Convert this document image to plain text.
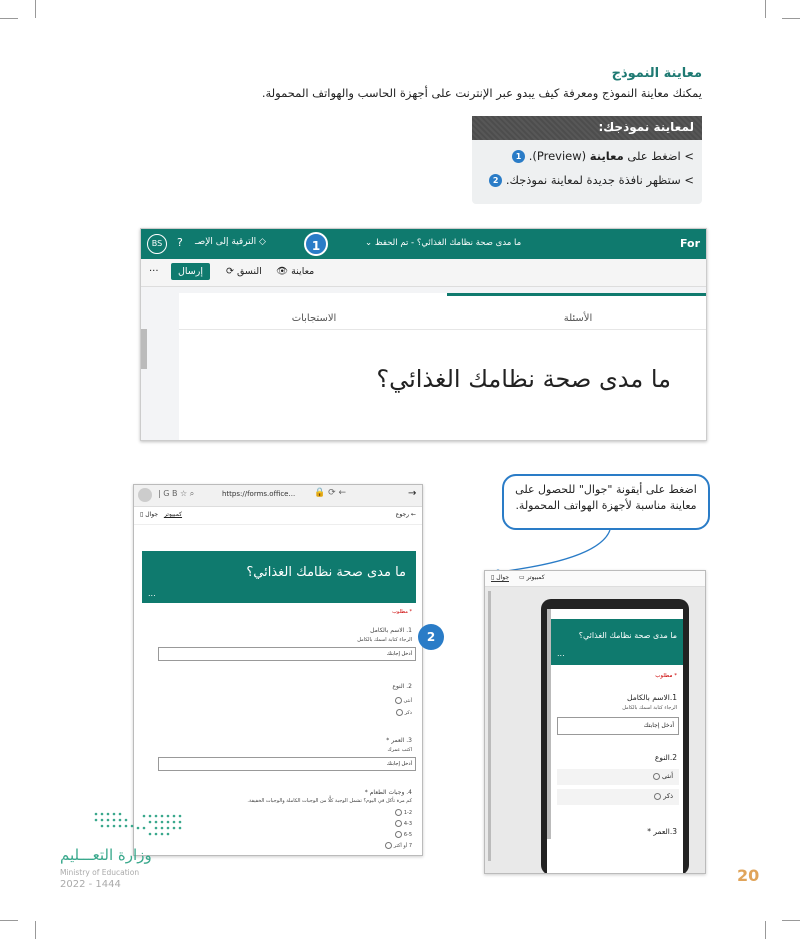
معاينة النموذج
يمكنك معاينة النموذج ومعرفة كيف يبدو عبر الإنترنت على أجهزة الحاسب والهواتف المحمولة.
لمعاينة نموذجك:
> اضغط على معاينة (Preview). 1
> ستظهر نافذة جديدة لمعاينة نموذجك. 2
For
ما مدى صحة نظامك الغذائي؟ - تم الحفظ ⌄
◇ الترقية إلى الإصـ
?
BS
···	إرسال	النسق ⟳	معاينة 👁
1
الاستجابات	الأسئلة
ما مدى صحة نظامك الغذائي؟
| G B ☆ ⌕	https://forms.office... 🔒 ⟳ ←	→
جوال ▯	كمبيوتر	← رجوع
ما مدى صحة نظامك الغذائي؟
...
* مطلوب
1. الاسم بالكامل
الرجاء كتابة اسمك بالكامل
أدخل إجابتك
2. النوع
أنثى
ذكر
3. العمر *
اكتب عمرك
أدخل إجابتك
4. وجبات الطعام *
كم مرة تأكل في اليوم؟ تشمل الوجبة كلًّا من الوجبات الكاملة والوجبات الخفيفة.
1-2
4-3
6-5
7 أو أكثر
2
اضغط على أيقونة "جوال" للحصول على معاينة مناسبة لأجهزة الهواتف المحمولة.
جوال ▯	كمبيوتر ▭
ما مدى صحة نظامك الغذائي؟
...
* مطلوب
1.الاسم بالكامل
الرجاء كتابة اسمك بالكامل
أدخل إجابتك
2.النوع
أنثى
ذكر
3.العمر *
وزارة التعـــليم
Ministry of Education
2022 - 1444	20
